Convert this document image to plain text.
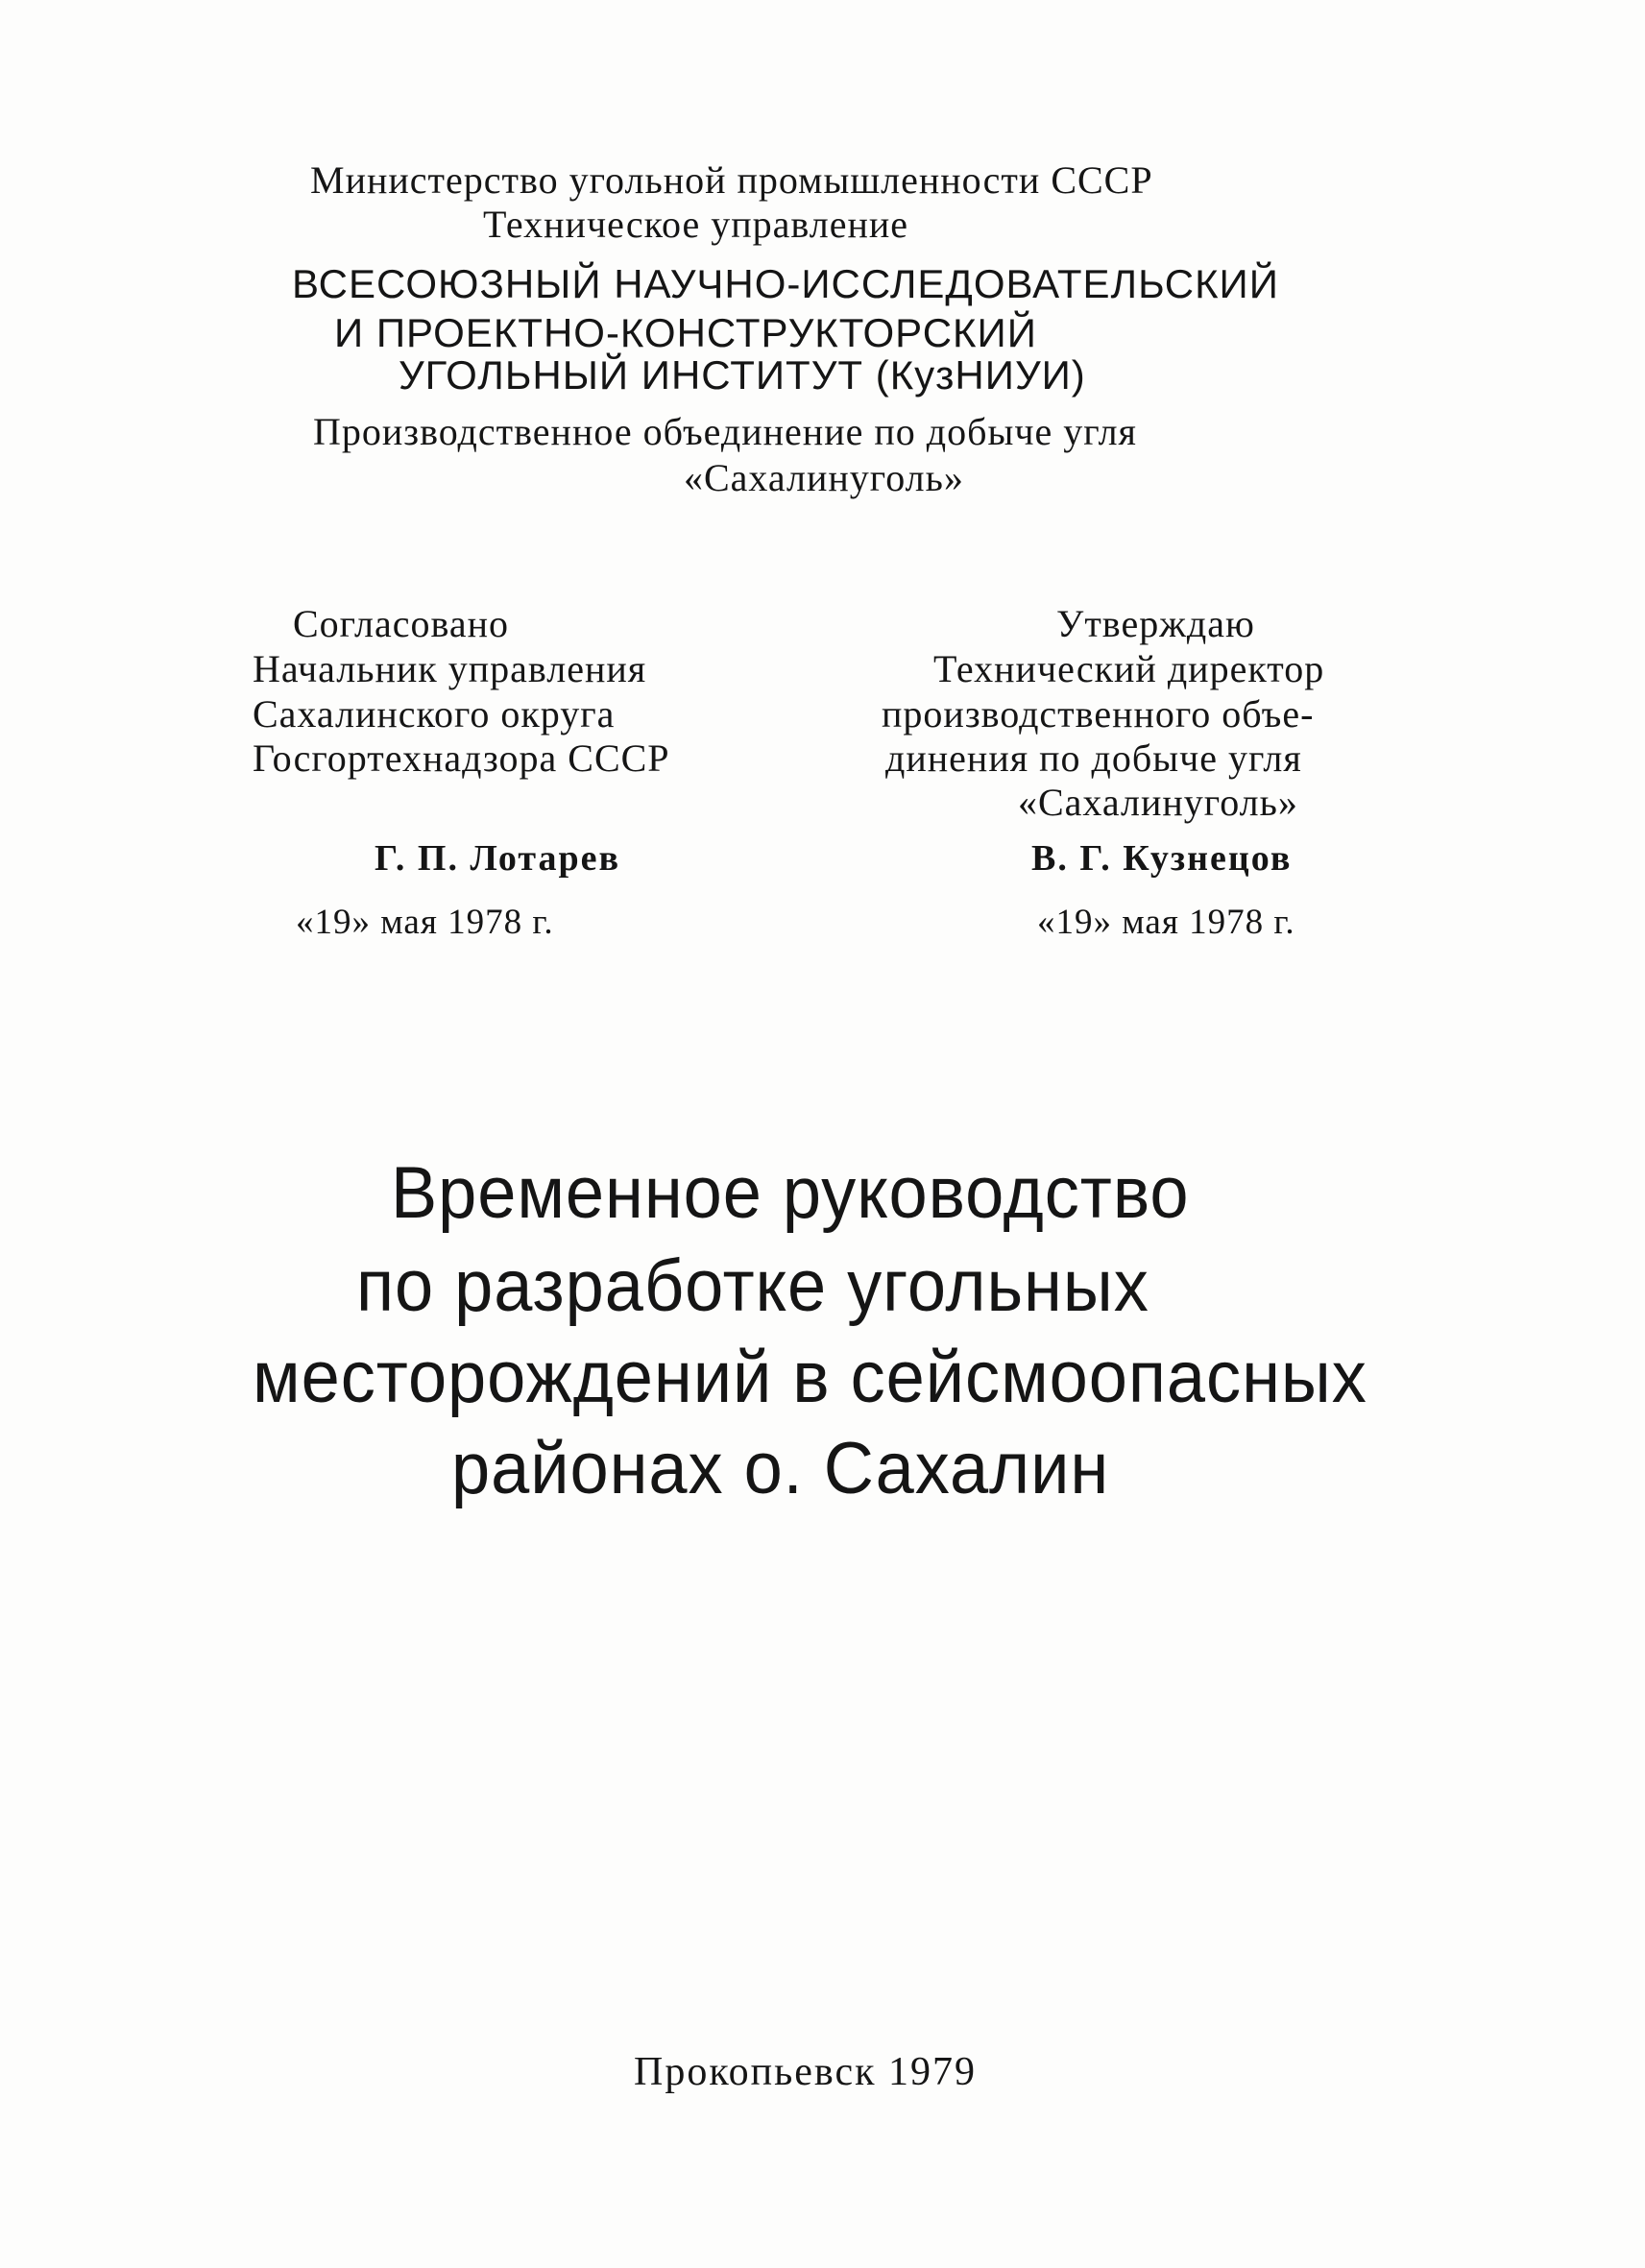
Министерство угольной промышленности СССР
Техническое управление
ВСЕСОЮЗНЫЙ НАУЧНО-ИССЛЕДОВАТЕЛЬСКИЙ
И ПРОЕКТНО-КОНСТРУКТОРСКИЙ
УГОЛЬНЫЙ ИНСТИТУТ (КузНИУИ)
Производственное объединение по добыче угля
«Сахалинуголь»
Согласовано
Начальник управления
Сахалинского округа
Госгортехнадзора СССР
Г. П. Лотарев
«19» мая 1978 г.
Утверждаю
Технический директор
производственного объе-
динения по добыче угля
«Сахалинуголь»
В. Г. Кузнецов
«19» мая 1978 г.
Временное руководство
по разработке угольных
месторождений в сейсмоопасных
районах о. Сахалин
Прокопьевск 1979
